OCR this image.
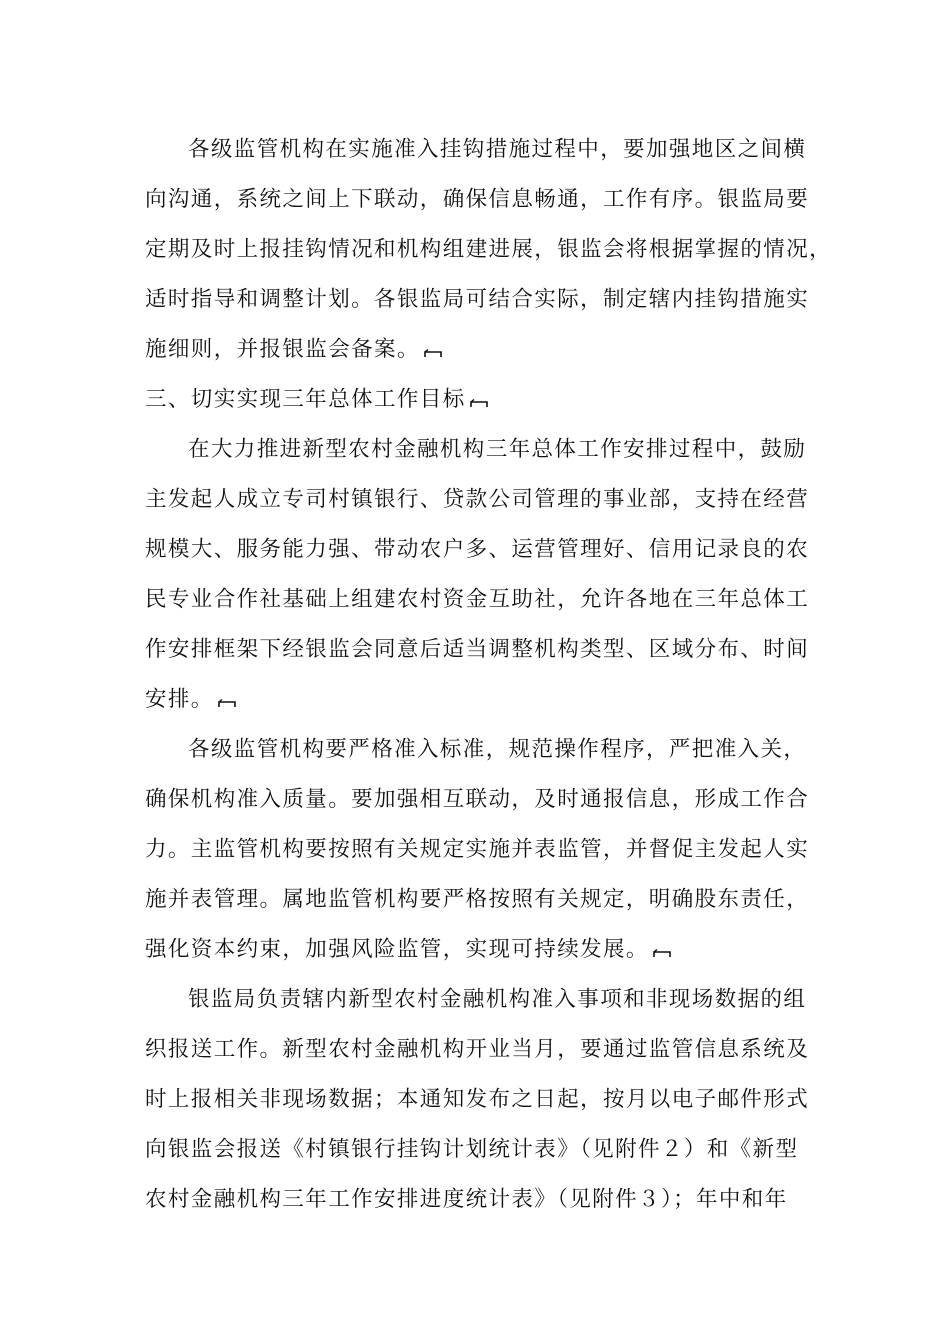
各级监管机构在实施准入挂钩措施过程中，要加强地区之间横
向沟通，系统之间上下联动，确保信息畅通，工作有序。银监局要
定期及时上报挂钩情况和机构组建进展，银监会将根据掌握的情况，
适时指导和调整计划。各银监局可结合实际，制定辖内挂钩措施实
施细则，并报银监会备案。
三、切实实现三年总体工作目标
在大力推进新型农村金融机构三年总体工作安排过程中，鼓励
主发起人成立专司村镇银行、贷款公司管理的事业部，支持在经营
规模大、服务能力强、带动农户多、运营管理好、信用记录良的农
民专业合作社基础上组建农村资金互助社，允许各地在三年总体工
作安排框架下经银监会同意后适当调整机构类型、区域分布、时间
安排。
各级监管机构要严格准入标准，规范操作程序，严把准入关，
确保机构准入质量。要加强相互联动，及时通报信息，形成工作合
力。主监管机构要按照有关规定实施并表监管，并督促主发起人实
施并表管理。属地监管机构要严格按照有关规定，明确股东责任，
强化资本约束，加强风险监管，实现可持续发展。
银监局负责辖内新型农村金融机构准入事项和非现场数据的组
织报送工作。新型农村金融机构开业当月，要通过监管信息系统及
时上报相关非现场数据；本通知发布之日起，按月以电子邮件形式
向银监会报送《村镇银行挂钩计划统计表》（见附件２）和《新型
农村金融机构三年工作安排进度统计表》（见附件３）；年中和年
